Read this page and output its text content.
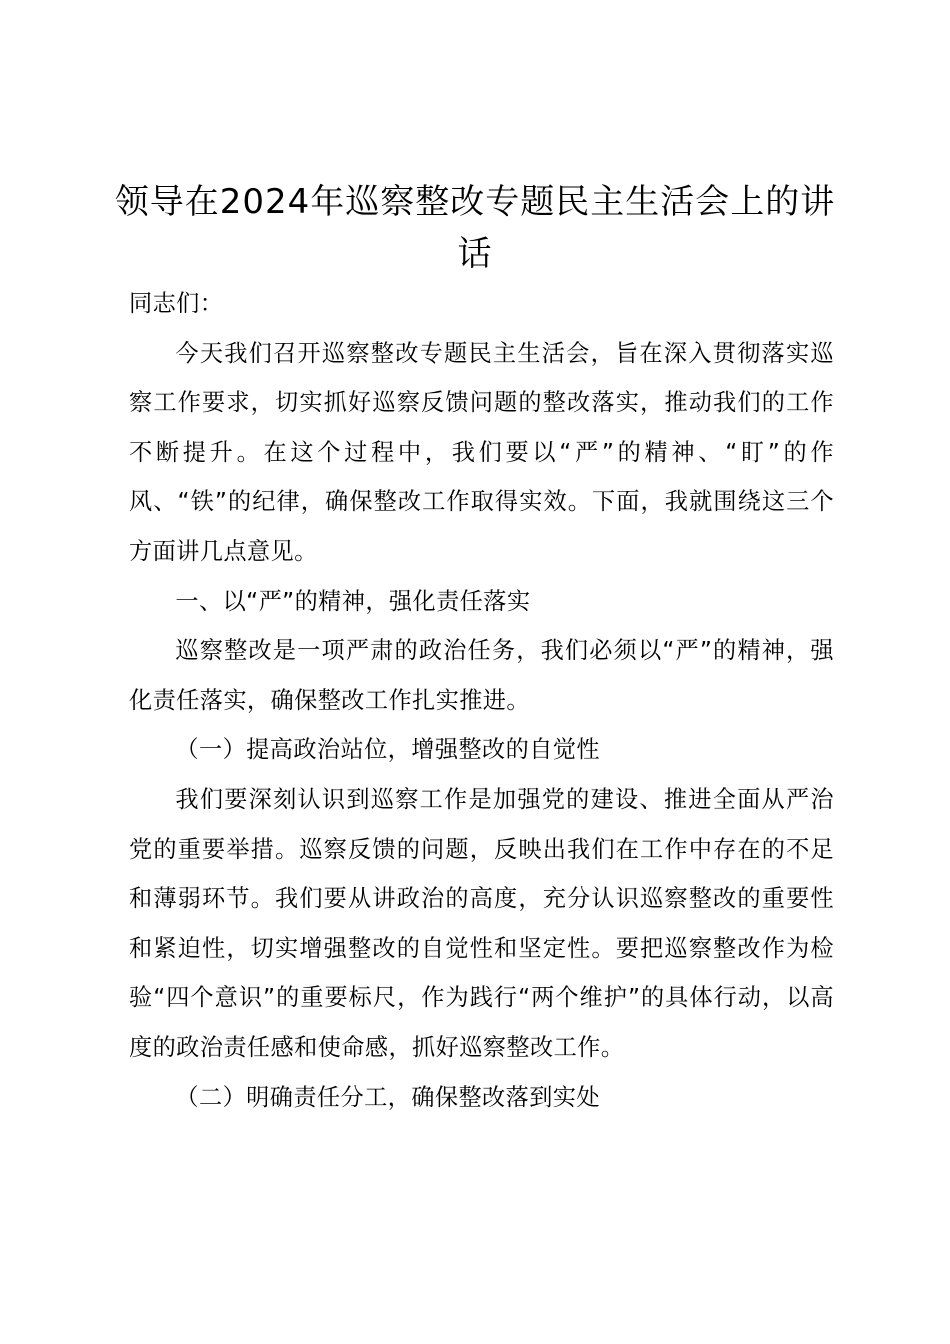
领导在2024年巡察整改专题民主生活会上的讲话

同志们：

今天我们召开巡察整改专题民主生活会，旨在深入贯彻落实巡察工作要求，切实抓好巡察反馈问题的整改落实，推动我们的工作不断提升。在这个过程中，我们要以“严”的精神、“盯”的作风、“铁”的纪律，确保整改工作取得实效。下面，我就围绕这三个方面讲几点意见。

一、以“严”的精神，强化责任落实

巡察整改是一项严肃的政治任务，我们必须以“严”的精神，强化责任落实，确保整改工作扎实推进。

（一）提高政治站位，增强整改的自觉性

我们要深刻认识到巡察工作是加强党的建设、推进全面从严治党的重要举措。巡察反馈的问题，反映出我们在工作中存在的不足和薄弱环节。我们要从讲政治的高度，充分认识巡察整改的重要性和紧迫性，切实增强整改的自觉性和坚定性。要把巡察整改作为检验“四个意识”的重要标尺，作为践行“两个维护”的具体行动，以高度的政治责任感和使命感，抓好巡察整改工作。

（二）明确责任分工，确保整改落到实处
